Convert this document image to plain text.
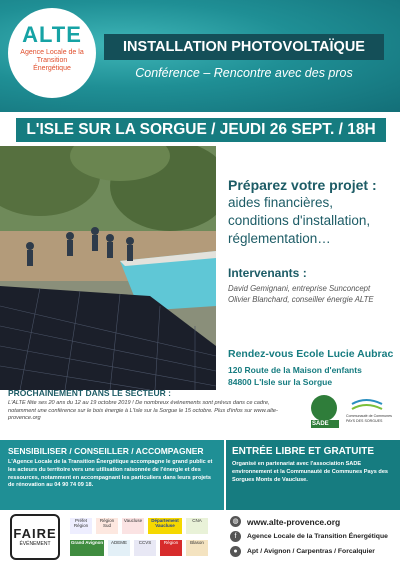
ALTE
Agence Locale de la Transition Énergétique
INSTALLATION PHOTOVOLTAÏQUE
Conférence – Rencontre avec des pros
L'ISLE SUR LA SORGUE / JEUDI 26 SEPT. / 18H
Préparez votre projet :
aides financières,
conditions d'installation,
réglementation…
Intervenants :
David Gemignani, entreprise Sunconcept
Olivier Blanchard, conseiller énergie ALTE
Rendez-vous Ecole Lucie Aubrac
120 Route de la Maison d'enfants
84800 L'Isle sur la Sorgue
PROCHAINEMENT DANS LE SECTEUR :
L'ALTE fête ses 20 ans du 12 au 19 octobre 2019 ! De nombreux événements sont prévus dans ce cadre, notamment une conférence sur le bois énergie à L'Isle sur la Sorgue le 15 octobre. Plus d'infos sur www.alte-provence.org
SADE
Communauté de Communes PAYS DES SORGUES
SENSIBILISER / CONSEILLER / ACCOMPAGNER
L'Agence Locale de la Transition Énergétique accompagne le grand public et les acteurs du territoire vers une utilisation raisonnée de l'énergie et des ressources, notamment en accompagnant les particuliers dans leurs projets de rénovation au 04 90 74 09 18.
ENTRÉE LIBRE ET GRATUITE
Organisé en partenariat avec l'association SADE environnement et la Communauté de Communes Pays des Sorgues Monts de Vaucluse.
FAIRE
ÉVÉNEMENT
Préfet Région
Région Sud
Vaucluse	Département Vaucluse
CNA
Grand Avignon	ADEME	CCVS	Région	Blason
◍ www.alte-provence.org
f	Agence Locale de la Transition Énergétique
●	Apt / Avignon / Carpentras / Forcalquier
